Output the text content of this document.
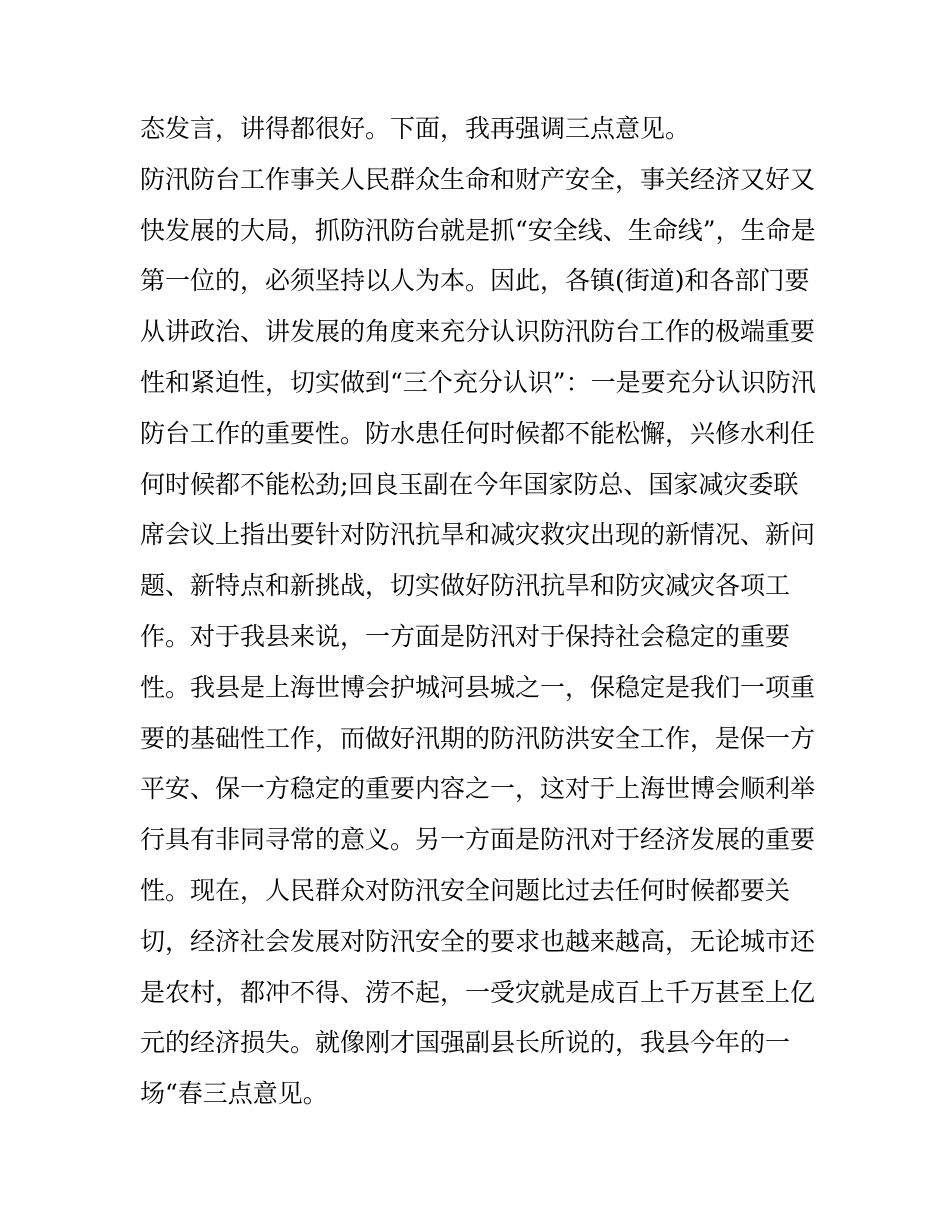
态发言，讲得都很好。下面，我再强调三点意见。
防汛防台工作事关人民群众生命和财产安全，事关经济又好又
快发展的大局，抓防汛防台就是抓“安全线、生命线”，生命是
第一位的，必须坚持以人为本。因此，各镇(街道)和各部门要
从讲政治、讲发展的角度来充分认识防汛防台工作的极端重要
性和紧迫性，切实做到“三个充分认识”：一是要充分认识防汛
防台工作的重要性。防水患任何时候都不能松懈，兴修水利任
何时候都不能松劲;回良玉副在今年国家防总、国家减灾委联
席会议上指出要针对防汛抗旱和减灾救灾出现的新情况、新问
题、新特点和新挑战，切实做好防汛抗旱和防灾减灾各项工
作。对于我县来说，一方面是防汛对于保持社会稳定的重要
性。我县是上海世博会护城河县城之一，保稳定是我们一项重
要的基础性工作，而做好汛期的防汛防洪安全工作，是保一方
平安、保一方稳定的重要内容之一，这对于上海世博会顺利举
行具有非同寻常的意义。另一方面是防汛对于经济发展的重要
性。现在，人民群众对防汛安全问题比过去任何时候都要关
切，经济社会发展对防汛安全的要求也越来越高，无论城市还
是农村，都冲不得、涝不起，一受灾就是成百上千万甚至上亿
元的经济损失。就像刚才国强副县长所说的，我县今年的一
场“春三点意见。
